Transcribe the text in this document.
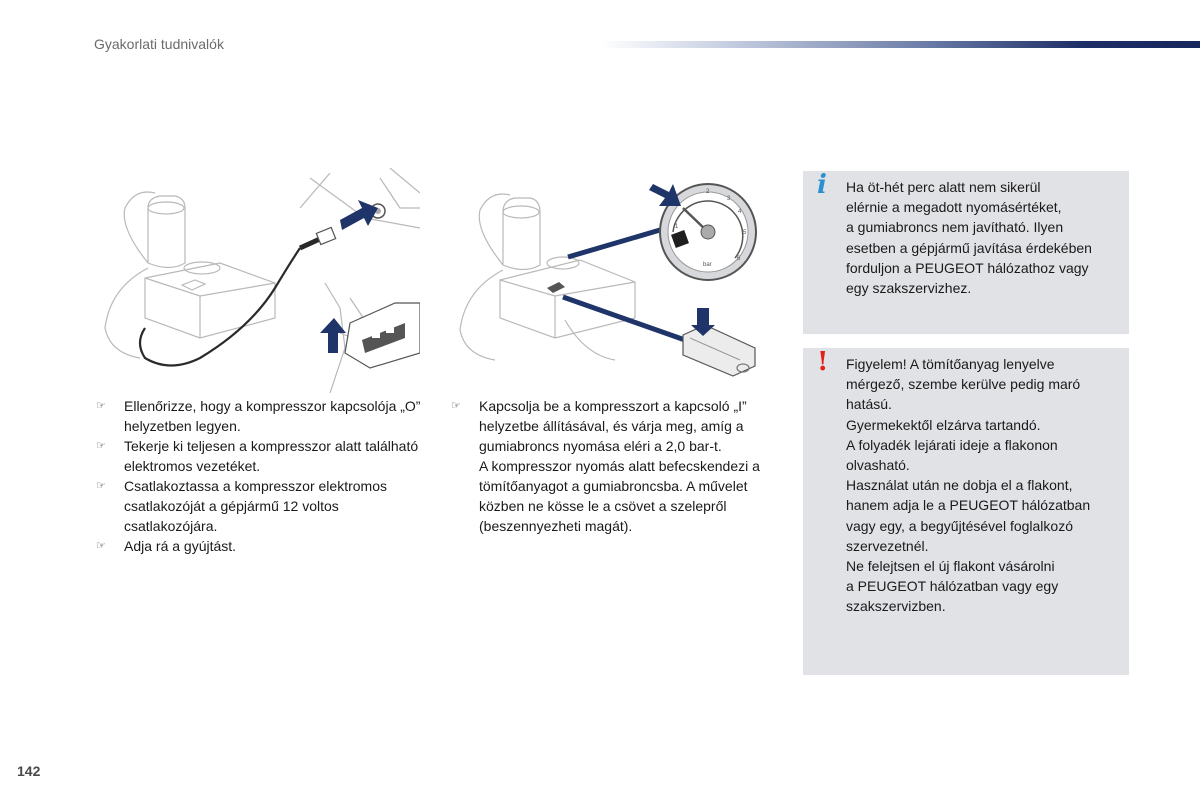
Gyakorlati tudnivalók
1
2
3
4
5
6
bar
☞ Ellenőrizze, hogy a kompresszor kapcsolója „O” helyzetben legyen.
☞ Tekerje ki teljesen a kompresszor alatt található elektromos vezetéket.
☞ Csatlakoztassa a kompresszor elektromos csatlakozóját a gépjármű 12 voltos csatlakozójára.
☞ Adja rá a gyújtást.
☞ Kapcsolja be a kompresszort a kapcsoló „I” helyzetbe állításával, és várja meg, amíg a gumiabroncs nyomása eléri a 2,0 bar-t.
A kompresszor nyomás alatt befecskendezi a tömítőanyagot a gumiabroncsba. A művelet közben ne kösse le a csövet a szelepről (beszennyezheti magát).
i Ha öt-hét perc alatt nem sikerül
elérnie a megadott nyomásértéket,
a gumiabroncs nem javítható. Ilyen
esetben a gépjármű javítása érdekében
forduljon a PEUGEOT hálózathoz vagy
egy szakszervizhez.
! Figyelem! A tömítőanyag lenyelve
mérgező, szembe kerülve pedig maró
hatású.
Gyermekektől elzárva tartandó.
A folyadék lejárati ideje a flakonon
olvasható.
Használat után ne dobja el a flakont,
hanem adja le a PEUGEOT hálózatban
vagy egy, a begyűjtésével foglalkozó
szervezetnél.
Ne felejtsen el új flakont vásárolni
a PEUGEOT hálózatban vagy egy
szakszervizben.
142
